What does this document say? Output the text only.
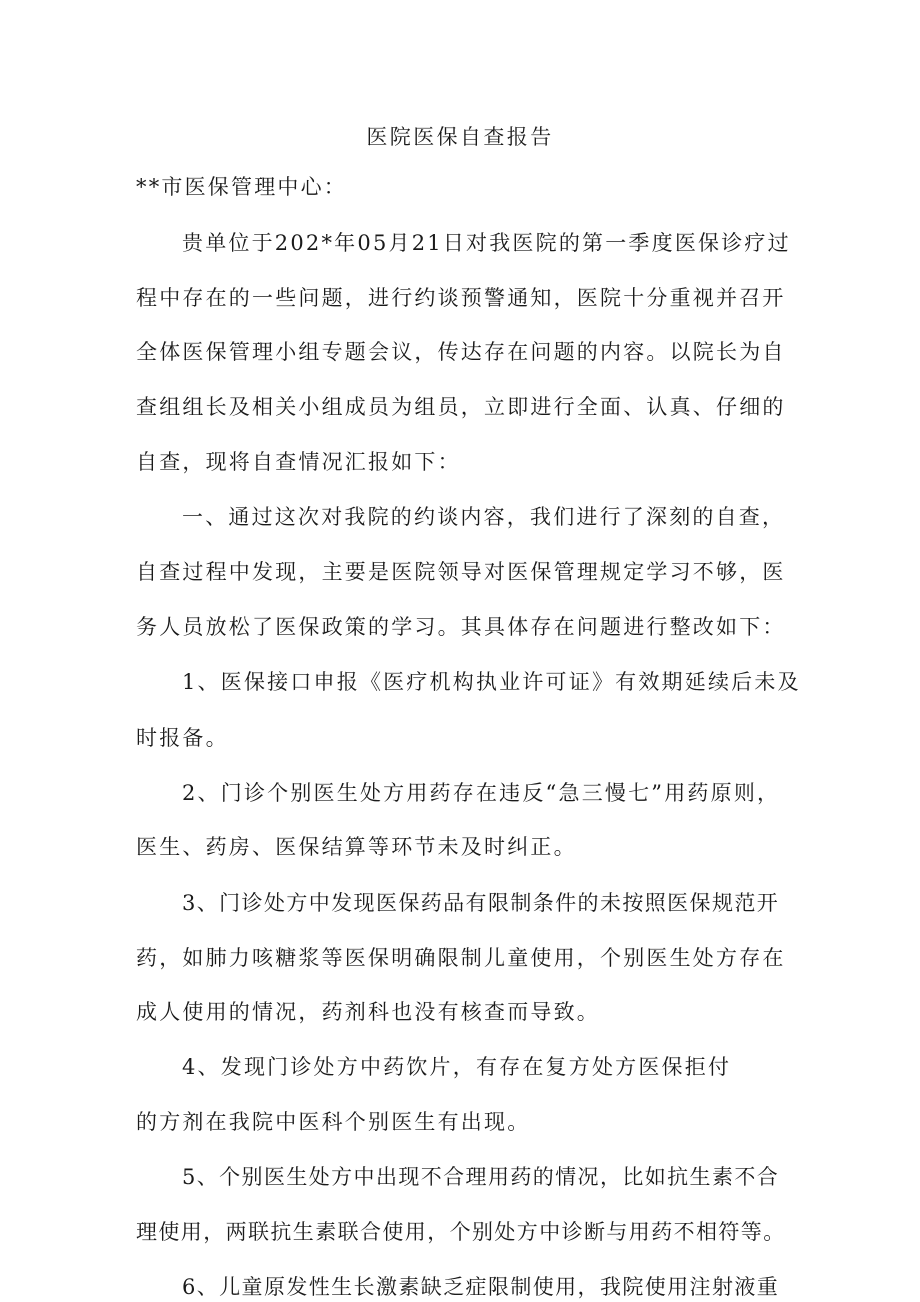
医院医保自查报告

**市医保管理中心：

贵单位于202*年05月21日对我医院的第一季度医保诊疗过

程中存在的一些问题，进行约谈预警通知，医院十分重视并召开

全体医保管理小组专题会议，传达存在问题的内容。以院长为自

查组组长及相关小组成员为组员，立即进行全面、认真、仔细的

自查，现将自查情况汇报如下：

一、通过这次对我院的约谈内容，我们进行了深刻的自查，

自查过程中发现，主要是医院领导对医保管理规定学习不够，医

务人员放松了医保政策的学习。其具体存在问题进行整改如下：

1、医保接口申报《医疗机构执业许可证》有效期延续后未及

时报备。

2、门诊个别医生处方用药存在违反“急三慢七”用药原则，

医生、药房、医保结算等环节未及时纠正。

3、门诊处方中发现医保药品有限制条件的未按照医保规范开

药，如肺力咳糖浆等医保明确限制儿童使用，个别医生处方存在

成人使用的情况，药剂科也没有核查而导致。

4、发现门诊处方中药饮片，有存在复方处方医保拒付

的方剂在我院中医科个别医生有出现。

5、个别医生处方中出现不合理用药的情况，比如抗生素不合

理使用，两联抗生素联合使用，个别处方中诊断与用药不相符等。

6、儿童原发性生长激素缺乏症限制使用，我院使用注射液重
